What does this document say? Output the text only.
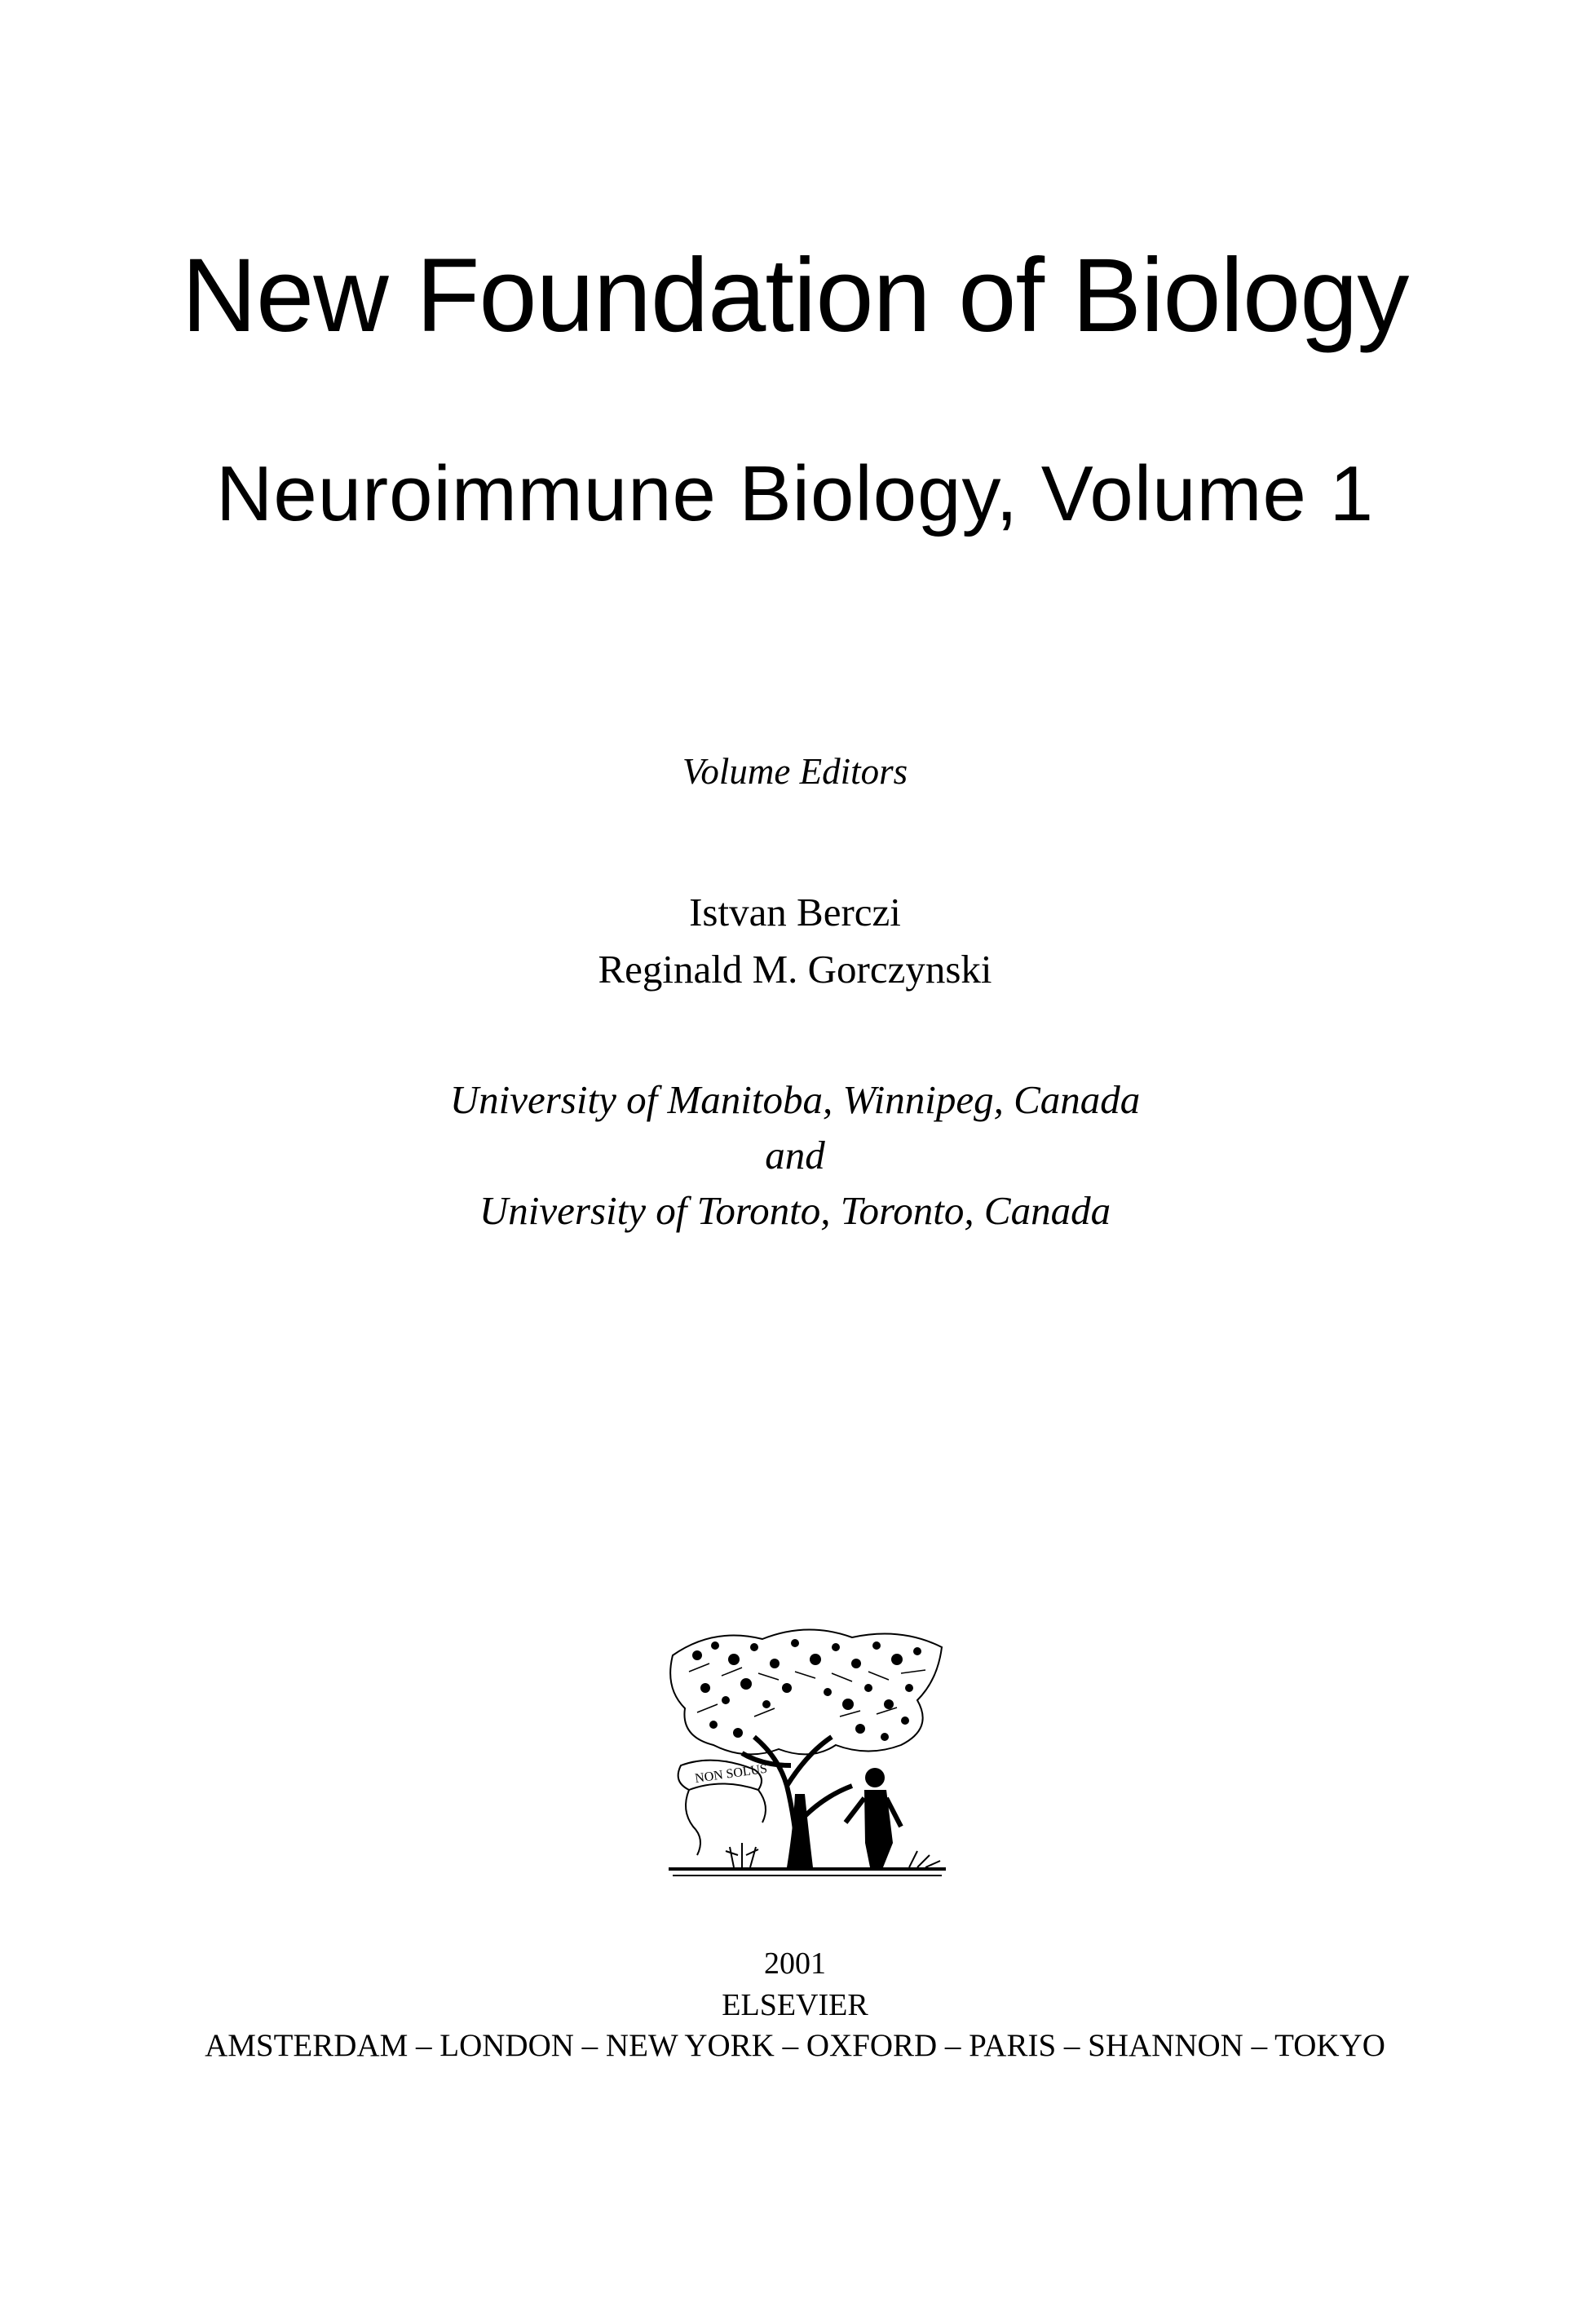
New Foundation of Biology
Neuroimmune Biology, Volume 1
Volume Editors
Istvan Berczi
Reginald M. Gorczynski
University of Manitoba, Winnipeg, Canada
and
University of Toronto, Toronto, Canada
NON SOLUS
2001
ELSEVIER
AMSTERDAM – LONDON – NEW YORK – OXFORD – PARIS – SHANNON – TOKYO
